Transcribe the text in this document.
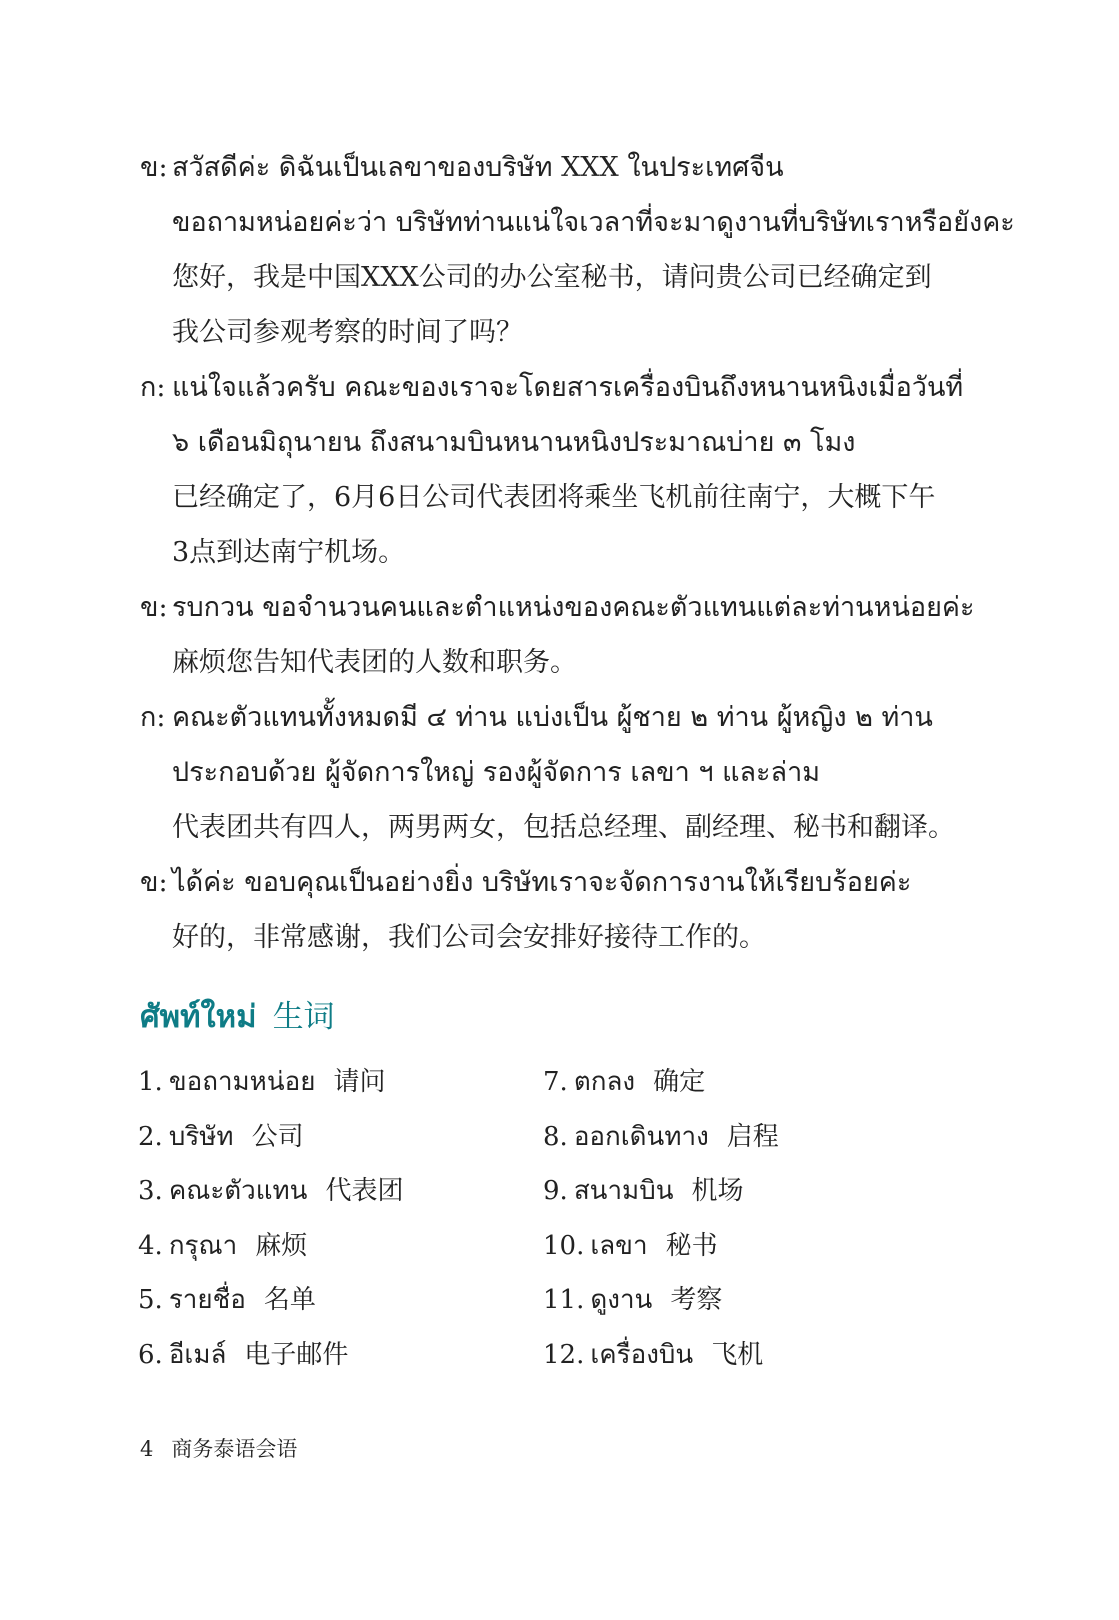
ข: สวัสดีค่ะ ดิฉันเป็นเลขาของบริษัท XXX ในประเทศจีน
ขอถามหน่อยค่ะว่า บริษัทท่านแน่ใจเวลาที่จะมาดูงานที่บริษัทเราหรือยังคะ
您好，我是中国XXX公司的办公室秘书，请问贵公司已经确定到
我公司参观考察的时间了吗？
ก: แน่ใจแล้วครับ คณะของเราจะโดยสารเครื่องบินถึงหนานหนิงเมื่อวันที่
๖ เดือนมิถุนายน ถึงสนามบินหนานหนิงประมาณบ่าย ๓ โมง
已经确定了，6月6日公司代表团将乘坐飞机前往南宁，大概下午
3点到达南宁机场。
ข: รบกวน ขอจำนวนคนและตำแหน่งของคณะตัวแทนแต่ละท่านหน่อยค่ะ
麻烦您告知代表团的人数和职务。
ก: คณะตัวแทนทั้งหมดมี ๔ ท่าน แบ่งเป็น ผู้ชาย ๒ ท่าน ผู้หญิง ๒ ท่าน
ประกอบด้วย ผู้จัดการใหญ่ รองผู้จัดการ เลขา ฯ และล่าม
代表团共有四人，两男两女，包括总经理、副经理、秘书和翻译。
ข: ได้ค่ะ ขอบคุณเป็นอย่างยิ่ง บริษัทเราจะจัดการงานให้เรียบร้อยค่ะ
好的，非常感谢，我们公司会安排好接待工作的。
ศัพท์ใหม่ 生词
1. ขอถามหน่อย 请问
2. บริษัท 公司
3. คณะตัวแทน 代表团
4. กรุณา 麻烦
5. รายชื่อ 名单
6. อีเมล์ 电子邮件
7. ตกลง 确定
8. ออกเดินทาง 启程
9. สนามบิน 机场
10. เลขา 秘书
11. ดูงาน 考察
12. เครื่องบิน 飞机
4 商务泰语会语
